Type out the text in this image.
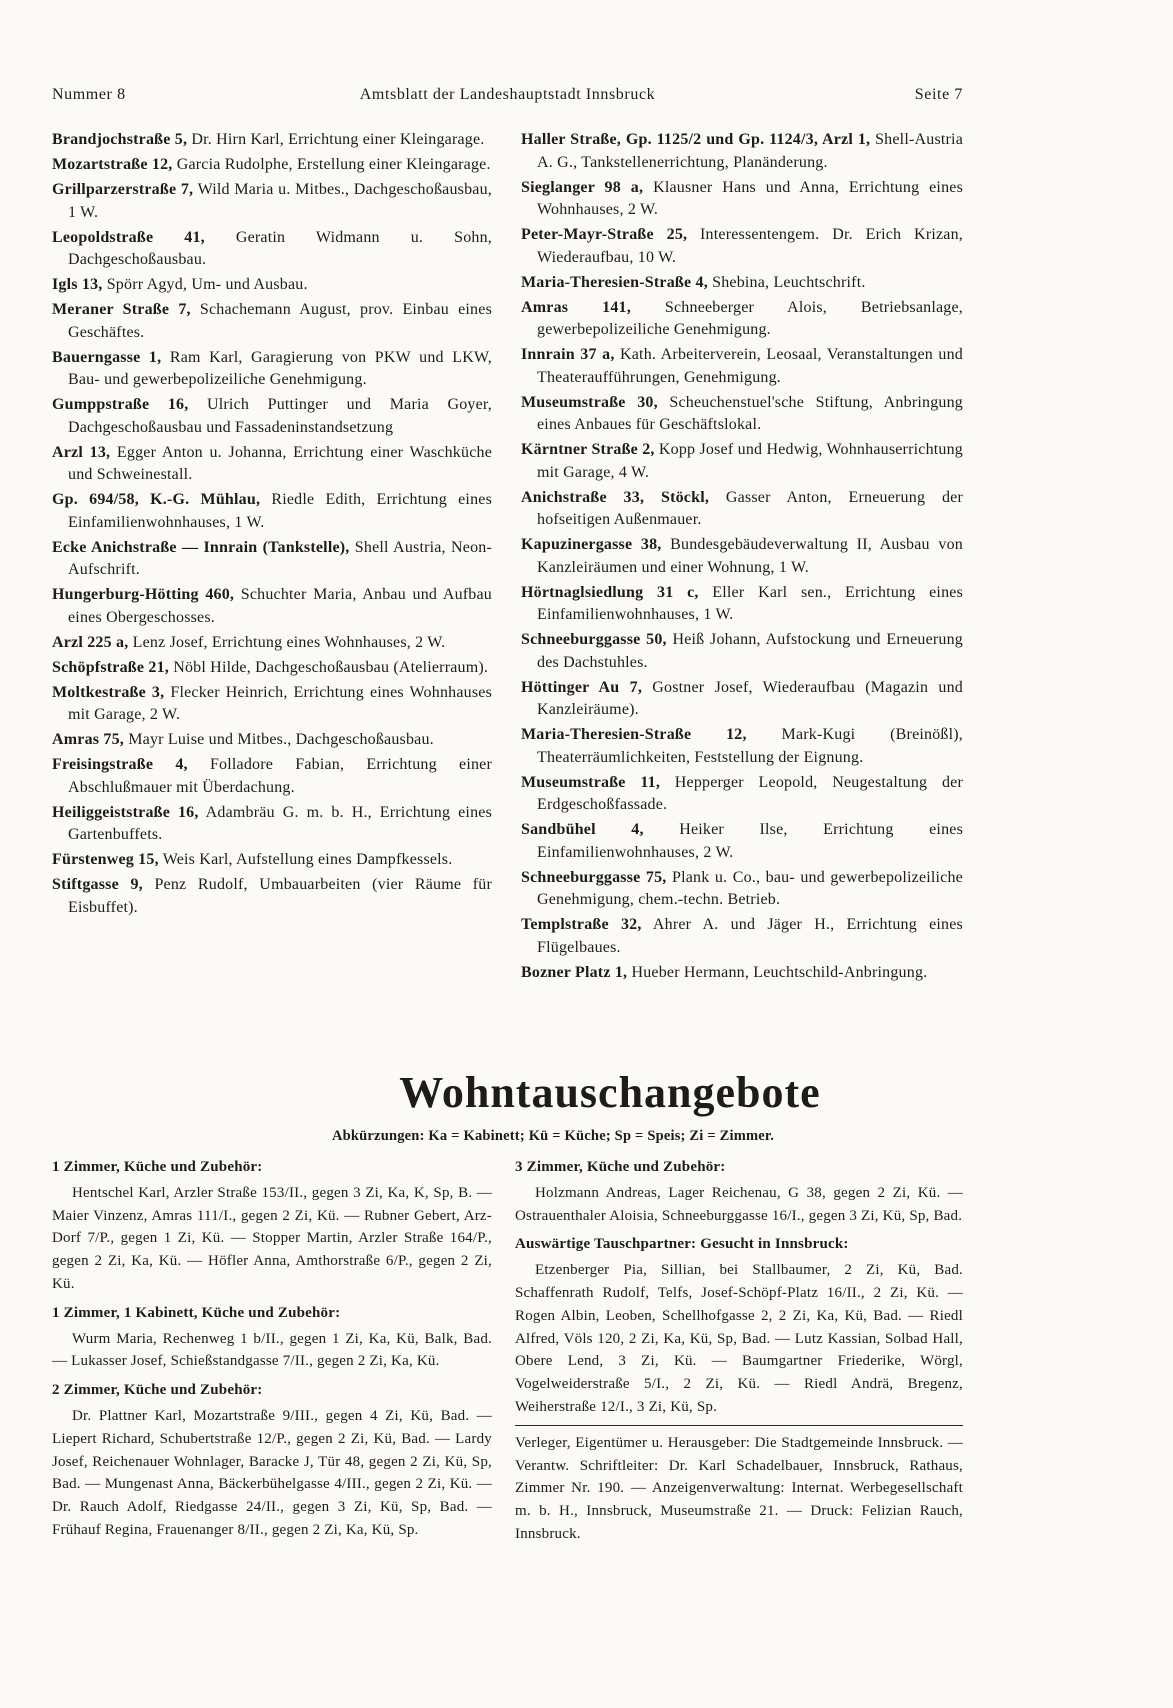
Nummer 8	Amtsblatt der Landeshauptstadt Innsbruck	Seite 7

Brandjochstraße 5, Dr. Hirn Karl, Errichtung einer Kleingarage.

Mozartstraße 12, Garcia Rudolphe, Erstellung einer Kleingarage.

Grillparzerstraße 7, Wild Maria u. Mitbes., Dachgeschoßausbau, 1 W.

Leopoldstraße 41, Geratin Widmann u. Sohn, Dachgeschoßausbau.

Igls 13, Spörr Agyd, Um- und Ausbau.

Meraner Straße 7, Schachemann August, prov. Einbau eines Geschäftes.

Bauerngasse 1, Ram Karl, Garagierung von PKW und LKW, Bau- und gewerbepolizeiliche Genehmigung.

Gumppstraße 16, Ulrich Puttinger und Maria Goyer, Dachgeschoßausbau und Fassadeninstandsetzung

Arzl 13, Egger Anton u. Johanna, Errichtung einer Waschküche und Schweinestall.

Gp. 694/58, K.-G. Mühlau, Riedle Edith, Errichtung eines Einfamilienwohnhauses, 1 W.

Ecke Anichstraße — Innrain (Tankstelle), Shell Austria, Neon-Aufschrift.

Hungerburg-Hötting 460, Schuchter Maria, Anbau und Aufbau eines Obergeschosses.

Arzl 225 a, Lenz Josef, Errichtung eines Wohnhauses, 2 W.

Schöpfstraße 21, Nöbl Hilde, Dachgeschoßausbau (Atelierraum).

Moltkestraße 3, Flecker Heinrich, Errichtung eines Wohnhauses mit Garage, 2 W.

Amras 75, Mayr Luise und Mitbes., Dachgeschoßausbau.

Freisingstraße 4, Folladore Fabian, Errichtung einer Abschlußmauer mit Überdachung.

Heiliggeiststraße 16, Adambräu G. m. b. H., Errichtung eines Gartenbuffets.

Fürstenweg 15, Weis Karl, Aufstellung eines Dampfkessels.

Stiftgasse 9, Penz Rudolf, Umbauarbeiten (vier Räume für Eisbuffet).

Haller Straße, Gp. 1125/2 und Gp. 1124/3, Arzl 1, Shell-Austria A. G., Tankstellenerrichtung, Planänderung.

Sieglanger 98 a, Klausner Hans und Anna, Errichtung eines Wohnhauses, 2 W.

Peter-Mayr-Straße 25, Interessentengem. Dr. Erich Krizan, Wiederaufbau, 10 W.

Maria-Theresien-Straße 4, Shebina, Leuchtschrift.

Amras 141, Schneeberger Alois, Betriebsanlage, gewerbepolizeiliche Genehmigung.

Innrain 37 a, Kath. Arbeiterverein, Leosaal, Veranstaltungen und Theateraufführungen, Genehmigung.

Museumstraße 30, Scheuchenstuel'sche Stiftung, Anbringung eines Anbaues für Geschäftslokal.

Kärntner Straße 2, Kopp Josef und Hedwig, Wohnhauserrichtung mit Garage, 4 W.

Anichstraße 33, Stöckl, Gasser Anton, Erneuerung der hofseitigen Außenmauer.

Kapuzinergasse 38, Bundesgebäudeverwaltung II, Ausbau von Kanzleiräumen und einer Wohnung, 1 W.

Hörtnaglsiedlung 31 c, Eller Karl sen., Errichtung eines Einfamilienwohnhauses, 1 W.

Schneeburggasse 50, Heiß Johann, Aufstockung und Erneuerung des Dachstuhles.

Höttinger Au 7, Gostner Josef, Wiederaufbau (Magazin und Kanzleiräume).

Maria-Theresien-Straße 12, Mark-Kugi (Breinößl), Theaterräumlichkeiten, Feststellung der Eignung.

Museumstraße 11, Hepperger Leopold, Neugestaltung der Erdgeschoßfassade.

Sandbühel 4, Heiker Ilse, Errichtung eines Einfamilienwohnhauses, 2 W.

Schneeburggasse 75, Plank u. Co., bau- und gewerbepolizeiliche Genehmigung, chem.-techn. Betrieb.

Templstraße 32, Ahrer A. und Jäger H., Errichtung eines Flügelbaues.

Bozner Platz 1, Hueber Hermann, Leuchtschild-Anbringung.

Wohntauschangebote
Abkürzungen: Ka = Kabinett; Kü = Küche; Sp = Speis; Zi = Zimmer.

1 Zimmer, Küche und Zubehör:

Hentschel Karl, Arzler Straße 153/II., gegen 3 Zi, Ka, K, Sp, B. — Maier Vinzenz, Amras 111/I., gegen 2 Zi, Kü. — Rubner Gebert, Arz-Dorf 7/P., gegen 1 Zi, Kü. — Stopper Martin, Arzler Straße 164/P., gegen 2 Zi, Ka, Kü. — Höfler Anna, Amthorstraße 6/P., gegen 2 Zi, Kü.

1 Zimmer, 1 Kabinett, Küche und Zubehör:

Wurm Maria, Rechenweg 1 b/II., gegen 1 Zi, Ka, Kü, Balk, Bad. — Lukasser Josef, Schießstandgasse 7/II., gegen 2 Zi, Ka, Kü.

2 Zimmer, Küche und Zubehör:

Dr. Plattner Karl, Mozartstraße 9/III., gegen 4 Zi, Kü, Bad. — Liepert Richard, Schubertstraße 12/P., gegen 2 Zi, Kü, Bad. — Lardy Josef, Reichenauer Wohnlager, Baracke J, Tür 48, gegen 2 Zi, Kü, Sp, Bad. — Mungenast Anna, Bäckerbühelgasse 4/III., gegen 2 Zi, Kü. — Dr. Rauch Adolf, Riedgasse 24/II., gegen 3 Zi, Kü, Sp, Bad. — Frühauf Regina, Frauenanger 8/II., gegen 2 Zi, Ka, Kü, Sp.

3 Zimmer, Küche und Zubehör:

Holzmann Andreas, Lager Reichenau, G 38, gegen 2 Zi, Kü. — Ostrauenthaler Aloisia, Schneeburggasse 16/I., gegen 3 Zi, Kü, Sp, Bad.

Auswärtige Tauschpartner: Gesucht in Innsbruck:

Etzenberger Pia, Sillian, bei Stallbaumer, 2 Zi, Kü, Bad. Schaffenrath Rudolf, Telfs, Josef-Schöpf-Platz 16/II., 2 Zi, Kü. — Rogen Albin, Leoben, Schellhofgasse 2, 2 Zi, Ka, Kü, Bad. — Riedl Alfred, Völs 120, 2 Zi, Ka, Kü, Sp, Bad. — Lutz Kassian, Solbad Hall, Obere Lend, 3 Zi, Kü. — Baumgartner Friederike, Wörgl, Vogelweiderstraße 5/I., 2 Zi, Kü. — Riedl Andrä, Bregenz, Weiherstraße 12/I., 3 Zi, Kü, Sp.

Verleger, Eigentümer u. Herausgeber: Die Stadtgemeinde Innsbruck. — Verantw. Schriftleiter: Dr. Karl Schadelbauer, Innsbruck, Rathaus, Zimmer Nr. 190. — Anzeigenverwaltung: Internat. Werbegesellschaft m. b. H., Innsbruck, Museumstraße 21. — Druck: Felizian Rauch, Innsbruck.
